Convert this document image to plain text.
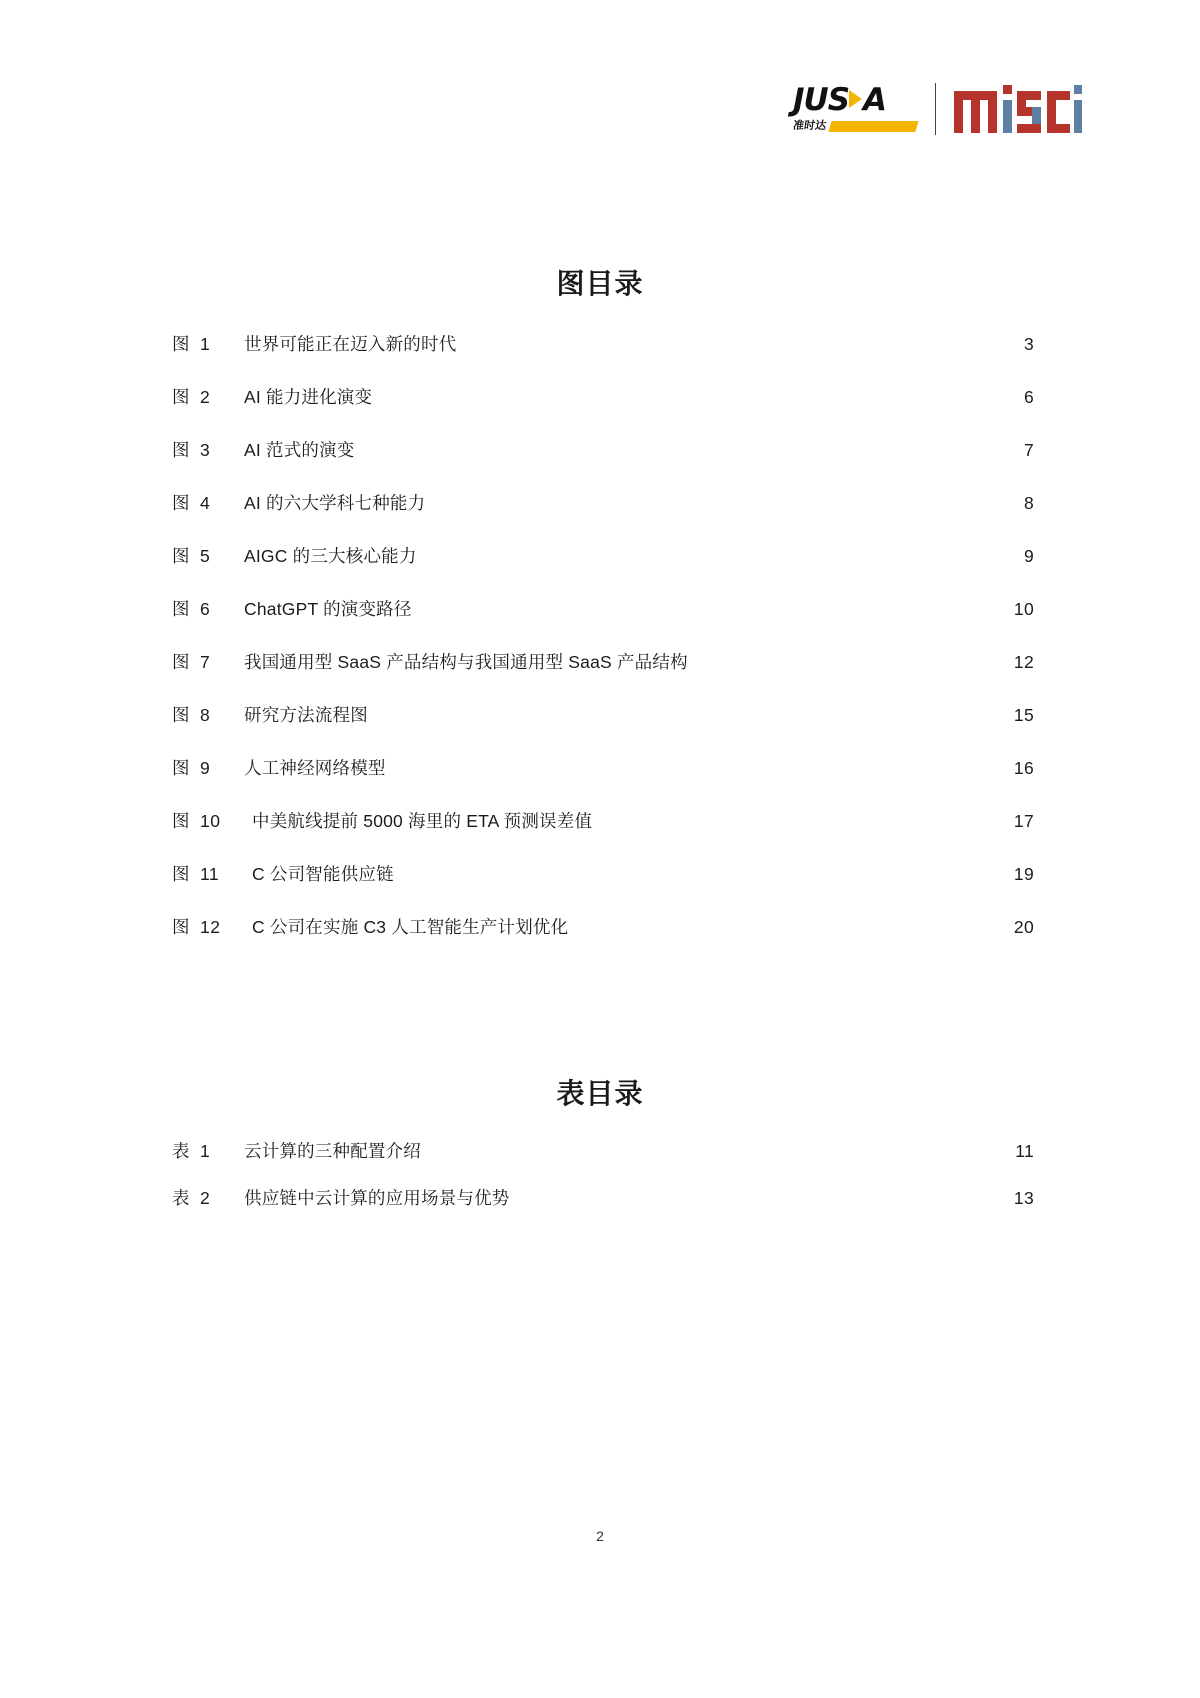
JUS A
准时达
图目录
图 1	世界可能正在迈入新的时代 .....	3
图 2	AI 能力进化演变 .....	6
图 3	AI 范式的演变 .....	7
图 4	AI 的六大学科七种能力 .....	8
图 5	AIGC 的三大核心能力 .....	9
图 6	ChatGPT 的演变路径 .....	10
图 7	我国通用型 SaaS 产品结构与我国通用型 SaaS 产品结构 .....	12
图 8	研究方法流程图 .....	15
图 9	人工神经网络模型 .....	16
图 10	中美航线提前 5000 海里的 ETA 预测误差值 .....	17
图 11	C 公司智能供应链 .....	19
图 12	C 公司在实施 C3 人工智能生产计划优化 .....	20
表目录
表 1	云计算的三种配置介绍 .....	11
表 2	供应链中云计算的应用场景与优势 .....	13
2
